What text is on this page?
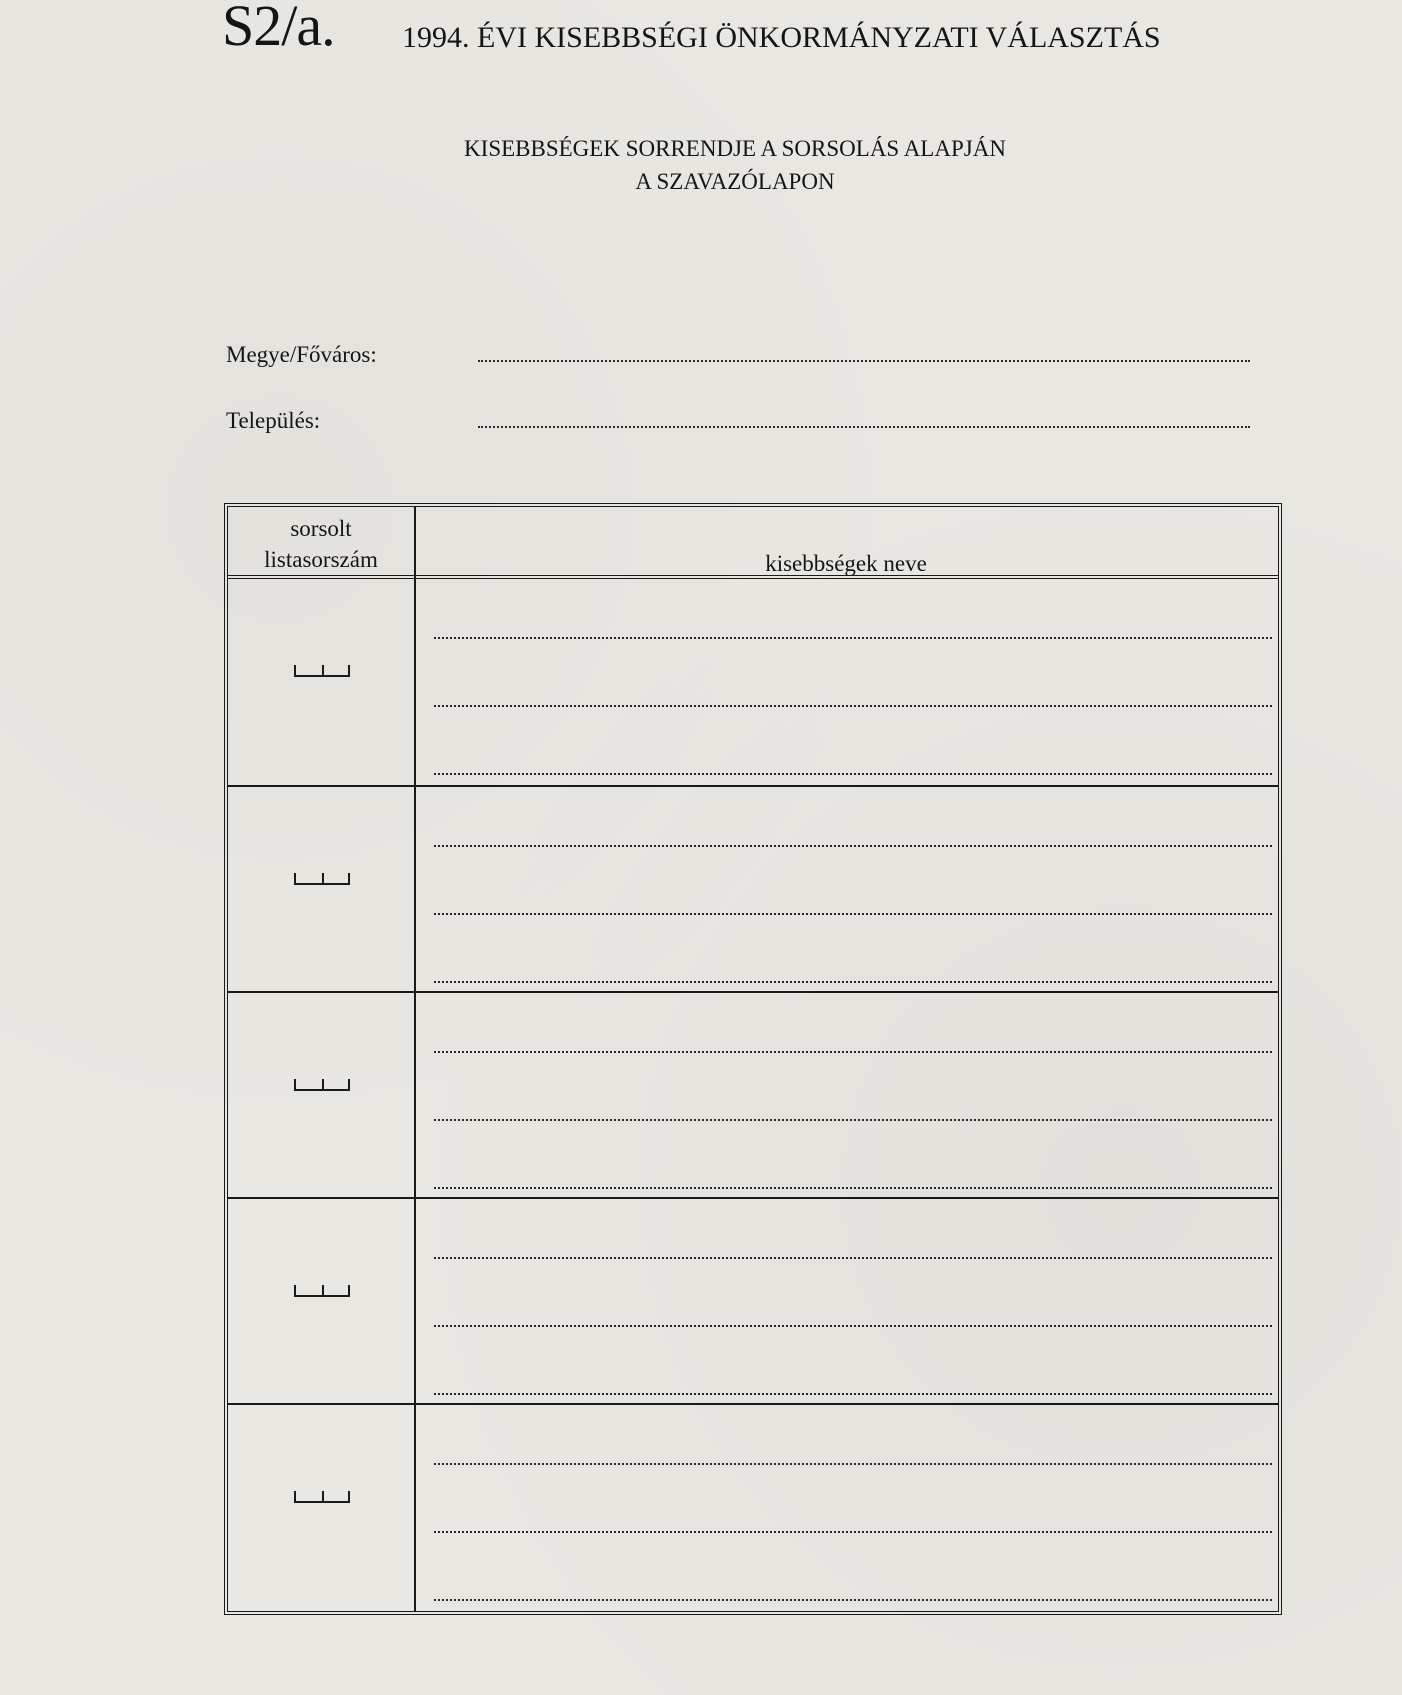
S2/a. 1994. ÉVI KISEBBSÉGI ÖNKORMÁNYZATI VÁLASZTÁS
KISEBBSÉGEK SORRENDJE A SORSOLÁS ALAPJÁN
A SZAVAZÓLAPON
Megye/Főváros:
Település:
sorsolt
listasorszám	kisebbségek neve
